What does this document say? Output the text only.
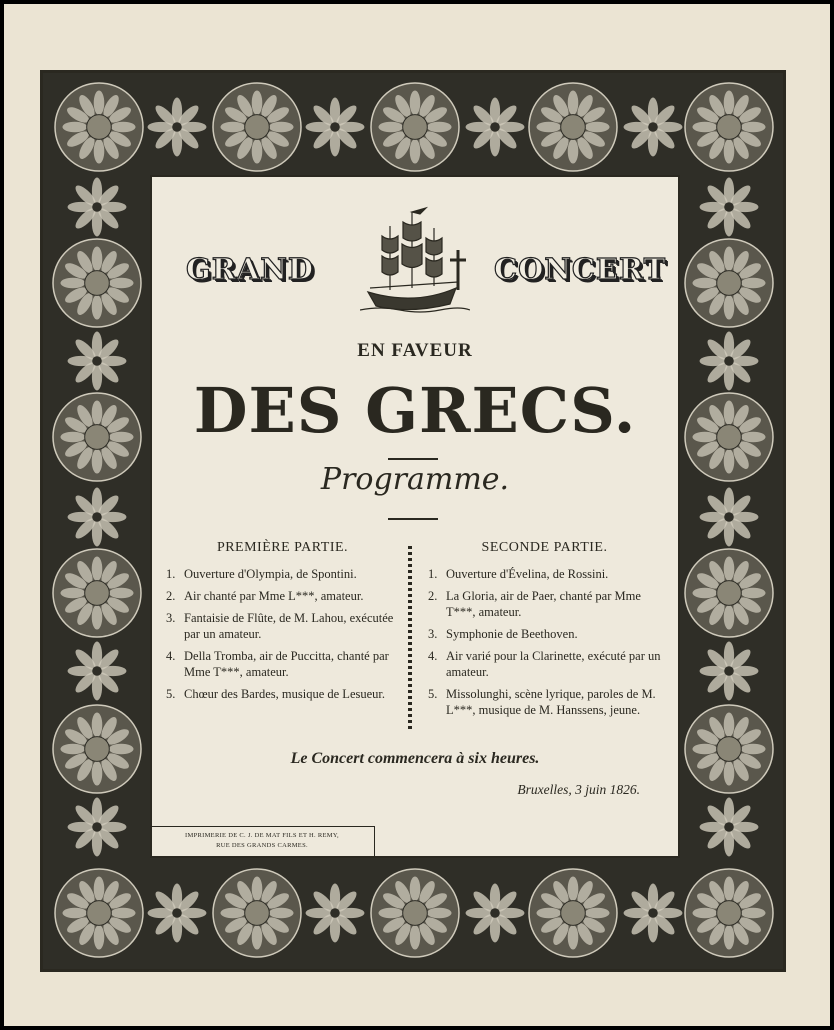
GRAND	CONCERT
EN FAVEUR
DES GRECS.
Programme.
PREMIÈRE PARTIE.
1. Ouverture d'Olympia, de Spontini.
2. Air chanté par Mme L***, amateur.
3. Fantaisie de Flûte, de M. Lahou, exécutée par un amateur.
4. Della Tromba, air de Puccitta, chanté par Mme T***, amateur.
5. Chœur des Bardes, musique de Lesueur.
SECONDE PARTIE.
1. Ouverture d'Évelina, de Rossini.
2. La Gloria, air de Paer, chanté par Mme T***, amateur.
3. Symphonie de Beethoven.
4. Air varié pour la Clarinette, exécuté par un amateur.
5. Missolunghi, scène lyrique, paroles de M. L***, musique de M. Hanssens, jeune.
Le Concert commencera à six heures.
Bruxelles, 3 juin 1826.
IMPRIMERIE DE C. J. DE MAT FILS ET H. REMY,
RUE DES GRANDS CARMES.
